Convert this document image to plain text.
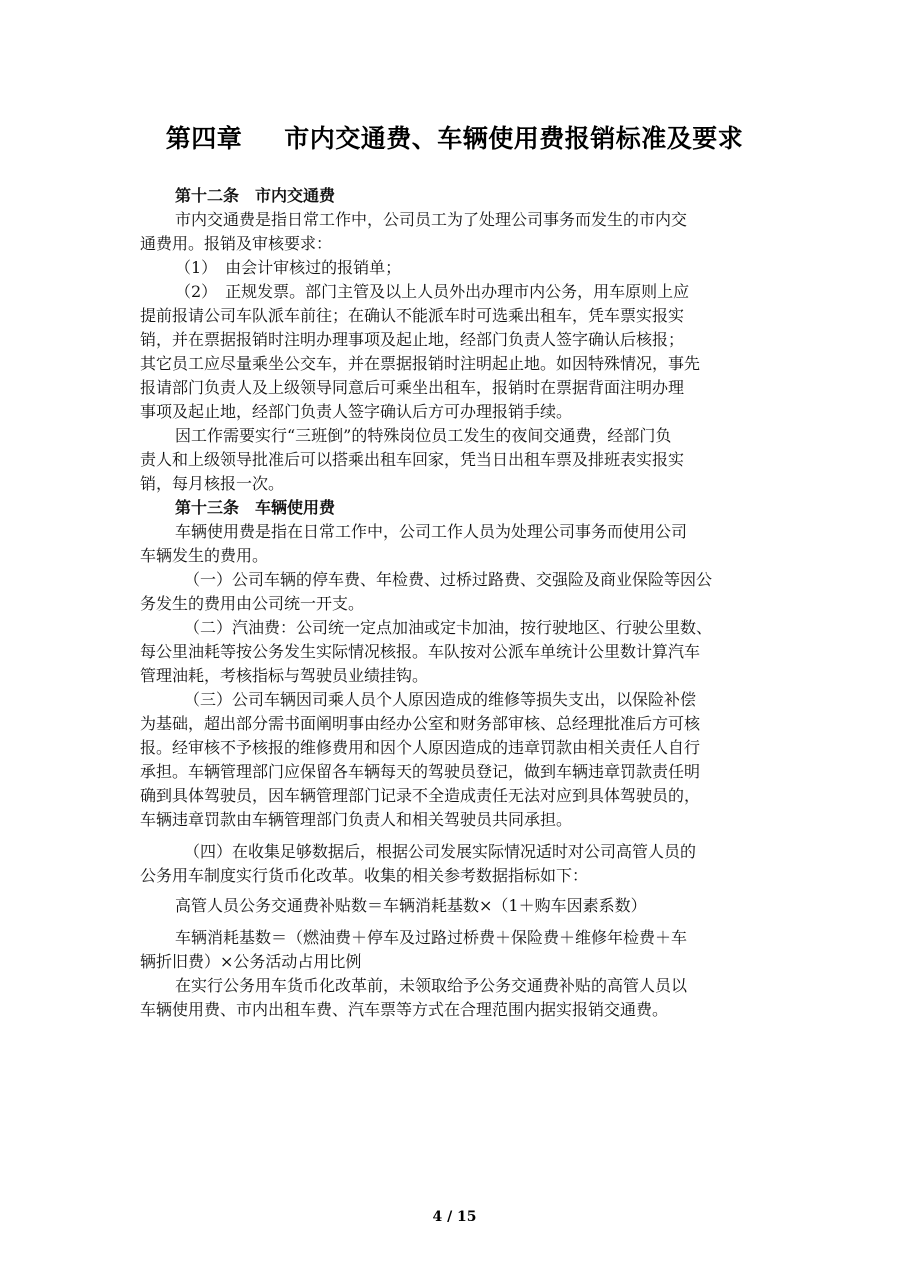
第四章 市内交通费、车辆使用费报销标准及要求
第十二条　市内交通费
市内交通费是指日常工作中，公司员工为了处理公司事务而发生的市内交
通费用。报销及审核要求：
（1）　由会计审核过的报销单；
（2）　正规发票。部门主管及以上人员外出办理市内公务，用车原则上应
提前报请公司车队派车前往；在确认不能派车时可选乘出租车，凭车票实报实
销，并在票据报销时注明办理事项及起止地，经部门负责人签字确认后核报；
其它员工应尽量乘坐公交车，并在票据报销时注明起止地。如因特殊情况，事先
报请部门负责人及上级领导同意后可乘坐出租车，报销时在票据背面注明办理
事项及起止地，经部门负责人签字确认后方可办理报销手续。
因工作需要实行“三班倒”的特殊岗位员工发生的夜间交通费，经部门负
责人和上级领导批准后可以搭乘出租车回家，凭当日出租车票及排班表实报实
销，每月核报一次。
第十三条　车辆使用费
车辆使用费是指在日常工作中，公司工作人员为处理公司事务而使用公司
车辆发生的费用。
（一）公司车辆的停车费、年检费、过桥过路费、交强险及商业保险等因公
务发生的费用由公司统一开支。
（二）汽油费：公司统一定点加油或定卡加油，按行驶地区、行驶公里数、
每公里油耗等按公务发生实际情况核报。车队按对公派车单统计公里数计算汽车
管理油耗，考核指标与驾驶员业绩挂钩。
（三）公司车辆因司乘人员个人原因造成的维修等损失支出，以保险补偿
为基础，超出部分需书面阐明事由经办公室和财务部审核、总经理批准后方可核
报。经审核不予核报的维修费用和因个人原因造成的违章罚款由相关责任人自行
承担。车辆管理部门应保留各车辆每天的驾驶员登记，做到车辆违章罚款责任明
确到具体驾驶员，因车辆管理部门记录不全造成责任无法对应到具体驾驶员的，
车辆违章罚款由车辆管理部门负责人和相关驾驶员共同承担。
（四）在收集足够数据后，根据公司发展实际情况适时对公司高管人员的
公务用车制度实行货币化改革。收集的相关参考数据指标如下：
高管人员公务交通费补贴数＝车辆消耗基数×（1＋购车因素系数）
车辆消耗基数＝（燃油费＋停车及过路过桥费＋保险费＋维修年检费＋车
辆折旧费）×公务活动占用比例
在实行公务用车货币化改革前，未领取给予公务交通费补贴的高管人员以
车辆使用费、市内出租车费、汽车票等方式在合理范围内据实报销交通费。
4 / 15
